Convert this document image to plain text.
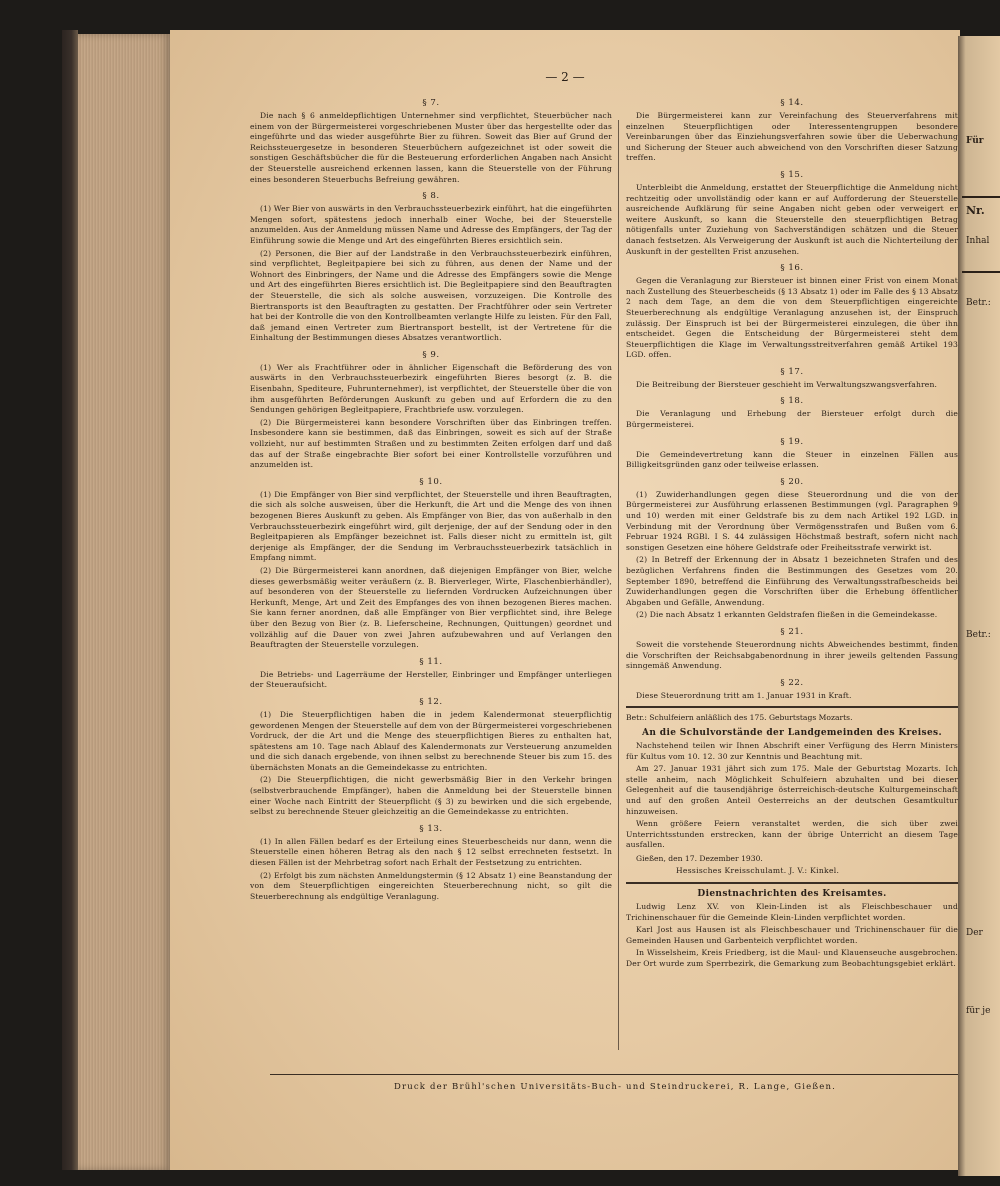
— 2 —
§ 7.

Die nach § 6 anmeldepflichtigen Unternehmer sind verpflichtet, Steuerbücher nach einem von der Bürgermeisterei vorgeschriebenen Muster über das hergestellte oder das eingeführte und das wieder ausgeführte Bier zu führen. Soweit das Bier auf Grund der Reichssteuergesetze in besonderen Steuerbüchern aufgezeichnet ist oder soweit die sonstigen Geschäftsbücher die für die Besteuerung erforderlichen Angaben nach Ansicht der Steuerstelle ausreichend erkennen lassen, kann die Steuerstelle von der Führung eines besonderen Steuerbuchs Befreiung gewähren.

§ 8.

(1) Wer Bier von auswärts in den Verbrauchssteuerbezirk einführt, hat die eingeführten Mengen sofort, spätestens jedoch innerhalb einer Woche, bei der Steuerstelle anzumelden. Aus der Anmeldung müssen Name und Adresse des Empfängers, der Tag der Einführung sowie die Menge und Art des eingeführten Bieres ersichtlich sein.

(2) Personen, die Bier auf der Landstraße in den Verbrauchssteuerbezirk einführen, sind verpflichtet, Begleitpapiere bei sich zu führen, aus denen der Name und der Wohnort des Einbringers, der Name und die Adresse des Empfängers sowie die Menge und Art des eingeführten Bieres ersichtlich ist. Die Begleitpapiere sind den Beauftragten der Steuerstelle, die sich als solche ausweisen, vorzuzeigen. Die Kontrolle des Biertransports ist den Beauftragten zu gestatten. Der Frachtführer oder sein Vertreter hat bei der Kontrolle die von den Kontrollbeamten verlangte Hilfe zu leisten. Für den Fall, daß jemand einen Vertreter zum Biertransport bestellt, ist der Vertretene für die Einhaltung der Bestimmungen dieses Absatzes verantwortlich.

§ 9.

(1) Wer als Frachtführer oder in ähnlicher Eigenschaft die Beförderung des von auswärts in den Verbrauchssteuerbezirk eingeführten Bieres besorgt (z. B. die Eisenbahn, Spediteure, Fuhrunternehmer), ist verpflichtet, der Steuerstelle über die von ihm ausgeführten Beförderungen Auskunft zu geben und auf Erfordern die zu den Sendungen gehörigen Begleitpapiere, Frachtbriefe usw. vorzulegen.

(2) Die Bürgermeisterei kann besondere Vorschriften über das Einbringen treffen. Insbesondere kann sie bestimmen, daß das Einbringen, soweit es sich auf der Straße vollzieht, nur auf bestimmten Straßen und zu bestimmten Zeiten erfolgen darf und daß das auf der Straße eingebrachte Bier sofort bei einer Kontrollstelle vorzuführen und anzumelden ist.

§ 10.

(1) Die Empfänger von Bier sind verpflichtet, der Steuerstelle und ihren Beauftragten, die sich als solche ausweisen, über die Herkunft, die Art und die Menge des von ihnen bezogenen Bieres Auskunft zu geben. Als Empfänger von Bier, das von außerhalb in den Verbrauchssteuerbezirk eingeführt wird, gilt derjenige, der auf der Sendung oder in den Begleitpapieren als Empfänger bezeichnet ist. Falls dieser nicht zu ermitteln ist, gilt derjenige als Empfänger, der die Sendung im Verbrauchssteuerbezirk tatsächlich in Empfang nimmt.

(2) Die Bürgermeisterei kann anordnen, daß diejenigen Empfänger von Bier, welche dieses gewerbsmäßig weiter veräußern (z. B. Bierverleger, Wirte, Flaschenbierhändler), auf besonderen von der Steuerstelle zu liefernden Vordrucken Aufzeichnungen über Herkunft, Menge, Art und Zeit des Empfanges des von ihnen bezogenen Bieres machen. Sie kann ferner anordnen, daß alle Empfänger von Bier verpflichtet sind, ihre Belege über den Bezug von Bier (z. B. Lieferscheine, Rechnungen, Quittungen) geordnet und vollzählig auf die Dauer von zwei Jahren aufzubewahren und auf Verlangen den Beauftragten der Steuerstelle vorzulegen.

§ 11.

Die Betriebs- und Lagerräume der Hersteller, Einbringer und Empfänger unterliegen der Steueraufsicht.

§ 12.

(1) Die Steuerpflichtigen haben die in jedem Kalendermonat steuerpflichtig gewordenen Mengen der Steuerstelle auf dem von der Bürgermeisterei vorgeschriebenen Vordruck, der die Art und die Menge des steuerpflichtigen Bieres zu enthalten hat, spätestens am 10. Tage nach Ablauf des Kalendermonats zur Versteuerung anzumelden und die sich danach ergebende, von ihnen selbst zu berechnende Steuer bis zum 15. des übernächsten Monats an die Gemeindekasse zu entrichten.

(2) Die Steuerpflichtigen, die nicht gewerbsmäßig Bier in den Verkehr bringen (selbstverbrauchende Empfänger), haben die Anmeldung bei der Steuerstelle binnen einer Woche nach Eintritt der Steuerpflicht (§ 3) zu bewirken und die sich ergebende, selbst zu berechnende Steuer gleichzeitig an die Gemeindekasse zu entrichten.

§ 13.

(1) In allen Fällen bedarf es der Erteilung eines Steuerbescheids nur dann, wenn die Steuerstelle einen höheren Betrag als den nach § 12 selbst errechneten festsetzt. In diesen Fällen ist der Mehrbetrag sofort nach Erhalt der Festsetzung zu entrichten.

(2) Erfolgt bis zum nächsten Anmeldungstermin (§ 12 Absatz 1) eine Beanstandung der von dem Steuerpflichtigen eingereichten Steuerberechnung nicht, so gilt die Steuerberechnung als endgültige Veranlagung.

§ 14.

Die Bürgermeisterei kann zur Vereinfachung des Steuerverfahrens mit einzelnen Steuerpflichtigen oder Interessentengruppen besondere Vereinbarungen über das Einziehungsverfahren sowie über die Ueberwachung und Sicherung der Steuer auch abweichend von den Vorschriften dieser Satzung treffen.

§ 15.

Unterbleibt die Anmeldung, erstattet der Steuerpflichtige die Anmeldung nicht rechtzeitig oder unvollständig oder kann er auf Aufforderung der Steuerstelle ausreichende Aufklärung für seine Angaben nicht geben oder verweigert er weitere Auskunft, so kann die Steuerstelle den steuerpflichtigen Betrag nötigenfalls unter Zuziehung von Sachverständigen schätzen und die Steuer danach festsetzen. Als Verweigerung der Auskunft ist auch die Nichterteilung der Auskunft in der gestellten Frist anzusehen.

§ 16.

Gegen die Veranlagung zur Biersteuer ist binnen einer Frist von einem Monat nach Zustellung des Steuerbescheids (§ 13 Absatz 1) oder im Falle des § 13 Absatz 2 nach dem Tage, an dem die von dem Steuerpflichtigen eingereichte Steuerberechnung als endgültige Veranlagung anzusehen ist, der Einspruch zulässig. Der Einspruch ist bei der Bürgermeisterei einzulegen, die über ihn entscheidet. Gegen die Entscheidung der Bürgermeisterei steht dem Steuerpflichtigen die Klage im Verwaltungsstreitverfahren gemäß Artikel 193 LGD. offen.

§ 17.

Die Beitreibung der Biersteuer geschieht im Verwaltungszwangsverfahren.

§ 18.

Die Veranlagung und Erhebung der Biersteuer erfolgt durch die Bürgermeisterei.

§ 19.

Die Gemeindevertretung kann die Steuer in einzelnen Fällen aus Billigkeitsgründen ganz oder teilweise erlassen.

§ 20.

(1) Zuwiderhandlungen gegen diese Steuerordnung und die von der Bürgermeisterei zur Ausführung erlassenen Bestimmungen (vgl. Paragraphen 9 und 10) werden mit einer Geldstrafe bis zu dem nach Artikel 192 LGD. in Verbindung mit der Verordnung über Vermögensstrafen und Bußen vom 6. Februar 1924 RGBl. I S. 44 zulässigen Höchstmaß bestraft, sofern nicht nach sonstigen Gesetzen eine höhere Geldstrafe oder Freiheitsstrafe verwirkt ist.

(2) In Betreff der Erkennung der in Absatz 1 bezeichneten Strafen und des bezüglichen Verfahrens finden die Bestimmungen des Gesetzes vom 20. September 1890, betreffend die Einführung des Verwaltungsstrafbescheids bei Zuwiderhandlungen gegen die Vorschriften über die Erhebung öffentlicher Abgaben und Gefälle, Anwendung.

(2) Die nach Absatz 1 erkannten Geldstrafen fließen in die Gemeindekasse.

§ 21.

Soweit die vorstehende Steuerordnung nichts Abweichendes bestimmt, finden die Vorschriften der Reichsabgabenordnung in ihrer jeweils geltenden Fassung sinngemäß Anwendung.

§ 22.

Diese Steuerordnung tritt am 1. Januar 1931 in Kraft.

Betr.: Schulfeiern anläßlich des 175. Geburtstags Mozarts.
An die Schulvorstände der Landgemeinden des Kreises.

Nachstehend teilen wir Ihnen Abschrift einer Verfügung des Herrn Ministers für Kultus vom 10. 12. 30 zur Kenntnis und Beachtung mit.

Am 27. Januar 1931 jährt sich zum 175. Male der Geburtstag Mozarts. Ich stelle anheim, nach Möglichkeit Schulfeiern abzuhalten und bei dieser Gelegenheit auf die tausendjährige österreichisch-deutsche Kulturgemeinschaft und auf den großen Anteil Oesterreichs an der deutschen Gesamtkultur hinzuweisen.

Wenn größere Feiern veranstaltet werden, die sich über zwei Unterrichtsstunden erstrecken, kann der übrige Unterricht an diesem Tage ausfallen.

Gießen, den 17. Dezember 1930.
Hessisches Kreisschulamt. J. V.: Kinkel.
Dienstnachrichten des Kreisamtes.

Ludwig Lenz XV. von Klein-Linden ist als Fleischbeschauer und Trichinenschauer für die Gemeinde Klein-Linden verpflichtet worden.

Karl Jost aus Hausen ist als Fleischbeschauer und Trichinenschauer für die Gemeinden Hausen und Garbenteich verpflichtet worden.

In Wisselsheim, Kreis Friedberg, ist die Maul- und Klauenseuche ausgebrochen. Der Ort wurde zum Sperrbezirk, die Gemarkung zum Beobachtungsgebiet erklärt.

Druck der Brühl'schen Universitäts-Buch- und Steindruckerei, R. Lange, Gießen.
Für
Nr.
Inhal
Betr.:
Betr.:
Der
für je
